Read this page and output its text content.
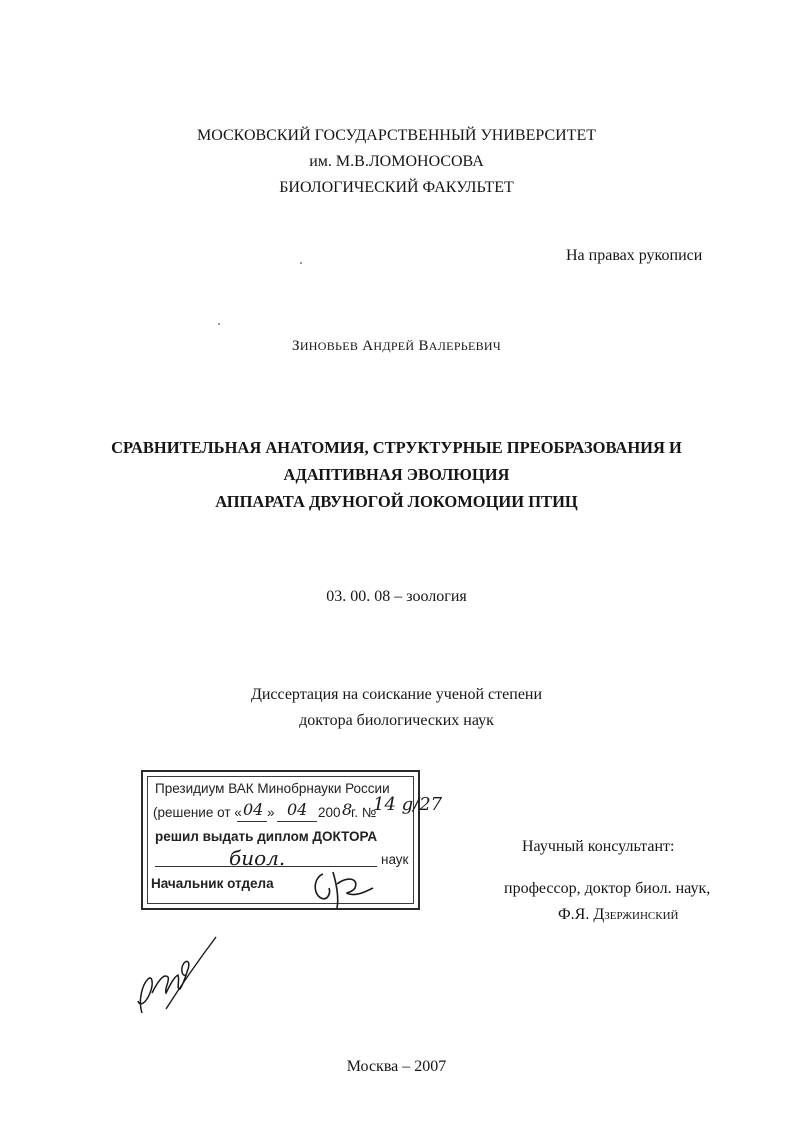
МОСКОВСКИЙ ГОСУДАРСТВЕННЫЙ УНИВЕРСИТЕТ
им. М.В.ЛОМОНОСОВА
БИОЛОГИЧЕСКИЙ ФАКУЛЬТЕТ
На правах рукописи
ЗИНОВЬЕВ АНДРЕЙ ВАЛЕРЬЕВИЧ
СРАВНИТЕЛЬНАЯ АНАТОМИЯ, СТРУКТУРНЫЕ ПРЕОБРАЗОВАНИЯ И
АДАПТИВНАЯ ЭВОЛЮЦИЯ
АППАРАТА ДВУНОГОЙ ЛОКОМОЦИИ ПТИЦ
03. 00. 08 – зоология
Диссертация на соискание ученой степени
доктора биологических наук
Президиум ВАК Минобрнауки России
(решение от « 04 » 04 200 8
г. №
14 g/27
решил выдать диплом ДОКТОРА
биол.	наук
Начальник отдела
Научный консультант:
профессор, доктор биол. наук,
Ф.Я. Дзержинский
Москва – 2007
